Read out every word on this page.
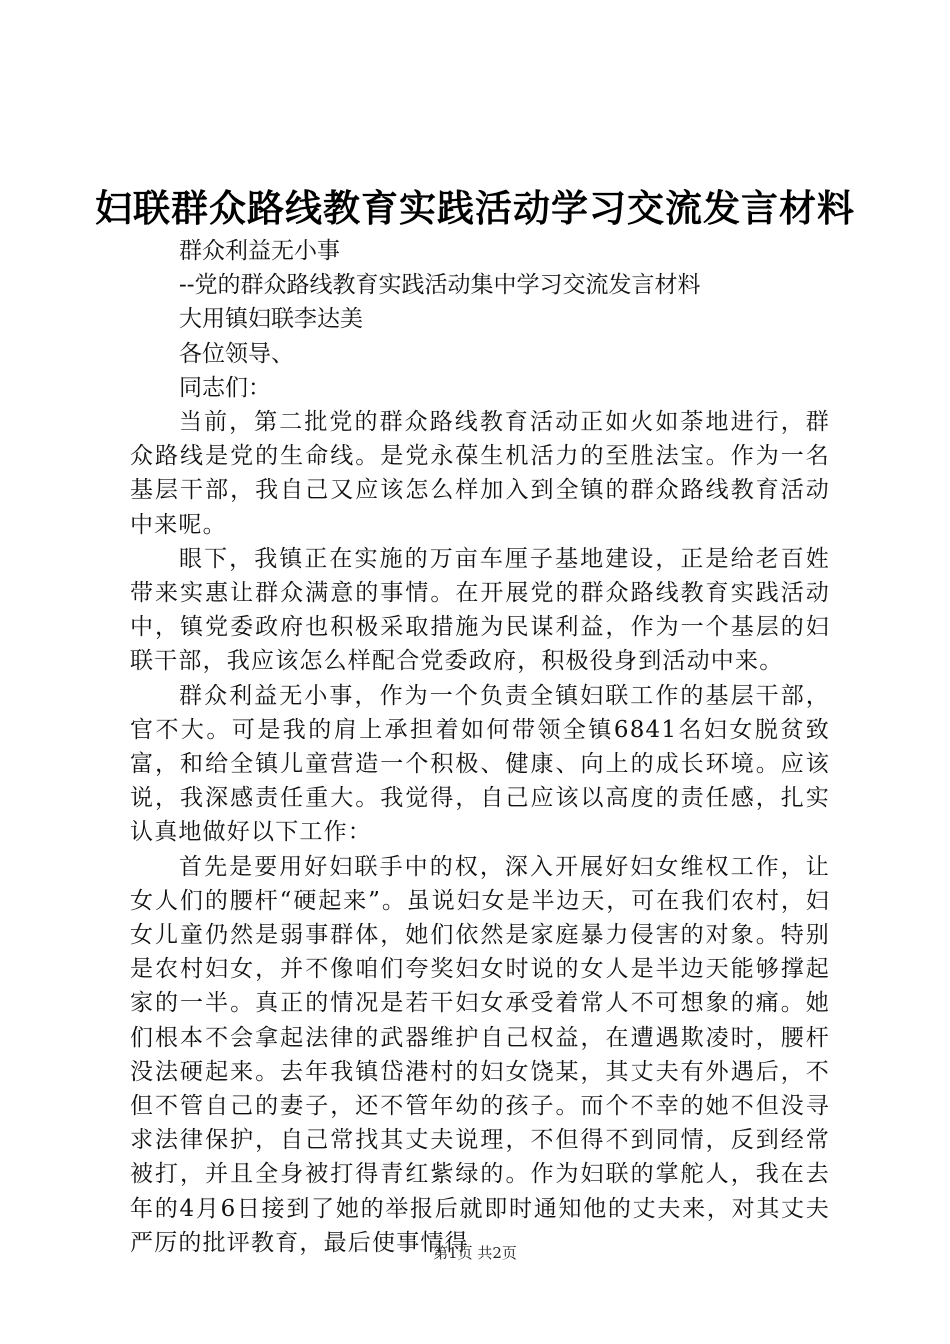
妇联群众路线教育实践活动学习交流发言材料

群众利益无小事

--党的群众路线教育实践活动集中学习交流发言材料

大用镇妇联李达美

各位领导、

同志们：

当前，第二批党的群众路线教育活动正如火如荼地进行，群众路线是党的生命线。是党永葆生机活力的至胜法宝。作为一名基层干部，我自己又应该怎么样加入到全镇的群众路线教育活动中来呢。

眼下，我镇正在实施的万亩车厘子基地建设，正是给老百姓带来实惠让群众满意的事情。在开展党的群众路线教育实践活动中，镇党委政府也积极采取措施为民谋利益，作为一个基层的妇联干部，我应该怎么样配合党委政府，积极役身到活动中来。

群众利益无小事，作为一个负责全镇妇联工作的基层干部，官不大。可是我的肩上承担着如何带领全镇6841名妇女脱贫致富，和给全镇儿童营造一个积极、健康、向上的成长环境。应该说，我深感责任重大。我觉得，自己应该以高度的责任感，扎实认真地做好以下工作：

首先是要用好妇联手中的权，深入开展好妇女维权工作，让女人们的腰杆“硬起来”。虽说妇女是半边天，可在我们农村，妇女儿童仍然是弱事群体，她们依然是家庭暴力侵害的对象。特别是农村妇女，并不像咱们夸奖妇女时说的女人是半边天能够撑起家的一半。真正的情况是若干妇女承受着常人不可想象的痛。她们根本不会拿起法律的武器维护自己权益，在遭遇欺凌时，腰杆没法硬起来。去年我镇岱港村的妇女饶某，其丈夫有外遇后，不但不管自己的妻子，还不管年幼的孩子。而个不幸的她不但没寻求法律保护，自己常找其丈夫说理，不但得不到同情，反到经常被打，并且全身被打得青红紫绿的。作为妇联的掌舵人，我在去年的4月6日接到了她的举报后就即时通知他的丈夫来，对其丈夫严厉的批评教育，最后使事情得

第1页 共2页
